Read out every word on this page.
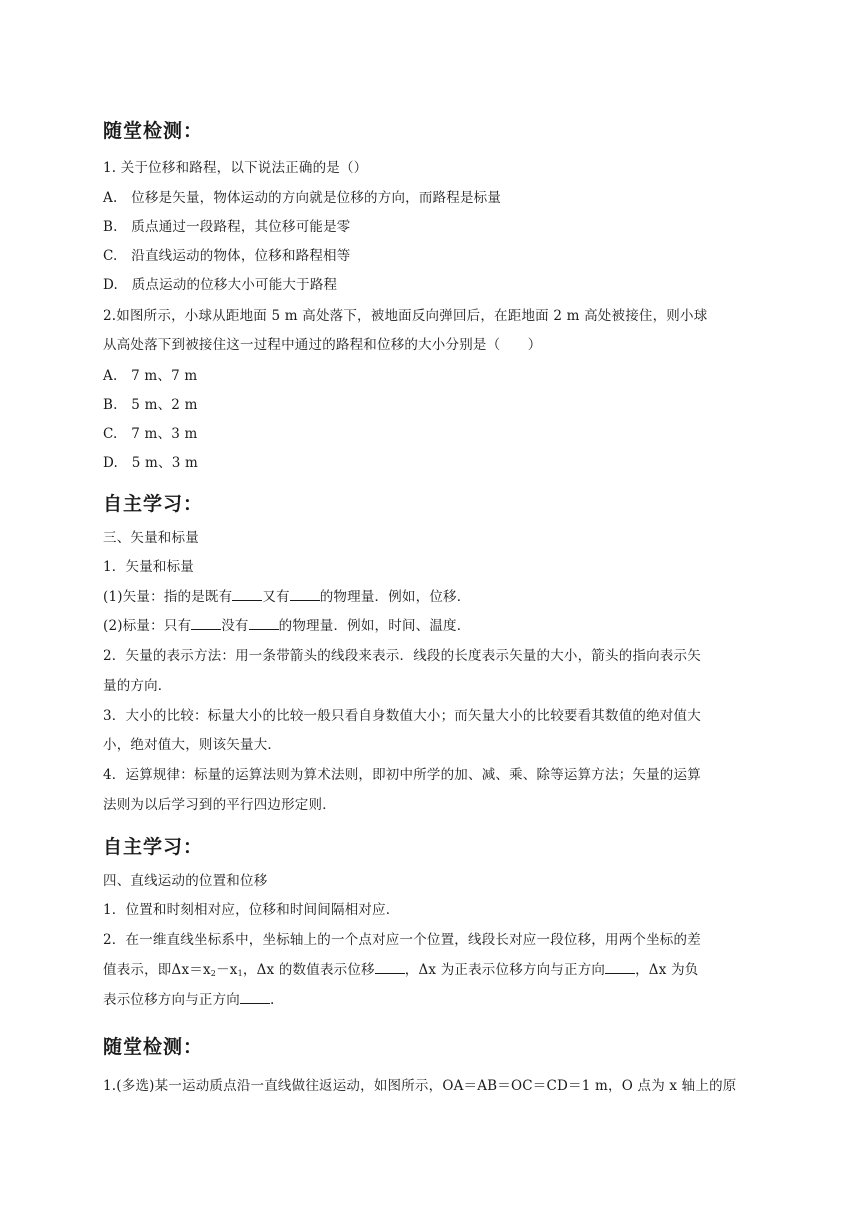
随堂检测：
1. 关于位移和路程，以下说法正确的是（）
A.　位移是矢量，物体运动的方向就是位移的方向，而路程是标量
B.　质点通过一段路程，其位移可能是零
C.　沿直线运动的物体，位移和路程相等
D.　质点运动的位移大小可能大于路程
2.如图所示，小球从距地面 5 m 高处落下，被地面反向弹回后，在距地面 2 m 高处被接住，则小球
从高处落下到被接住这一过程中通过的路程和位移的大小分别是（　　）
A.　7 m、7 m
B.　5 m、2 m
C.　7 m、3 m
D.　5 m、3 m
自主学习：
三、矢量和标量
1．矢量和标量
(1)矢量：指的是既有 又有 的物理量．例如，位移．
(2)标量：只有 没有 的物理量．例如，时间、温度．
2．矢量的表示方法：用一条带箭头的线段来表示．线段的长度表示矢量的大小，箭头的指向表示矢
量的方向．
3．大小的比较：标量大小的比较一般只看自身数值大小；而矢量大小的比较要看其数值的绝对值大
小，绝对值大，则该矢量大．
4．运算规律：标量的运算法则为算术法则，即初中所学的加、减、乘、除等运算方法；矢量的运算
法则为以后学习到的平行四边形定则．
自主学习：
四、直线运动的位置和位移
1．位置和时刻相对应，位移和时间间隔相对应．
2．在一维直线坐标系中，坐标轴上的一个点对应一个位置，线段长对应一段位移，用两个坐标的差
值表示，即$\Delta x=x_2-x_1$，Δx 的数值表示位移 ，Δx 为正表示位移方向与正方向 ，Δx 为负
表示位移方向与正方向 .
随堂检测：
1.(多选)某一运动质点沿一直线做往返运动，如图所示，OA＝AB＝OC＝CD＝1 m，O 点为 x 轴上的原
